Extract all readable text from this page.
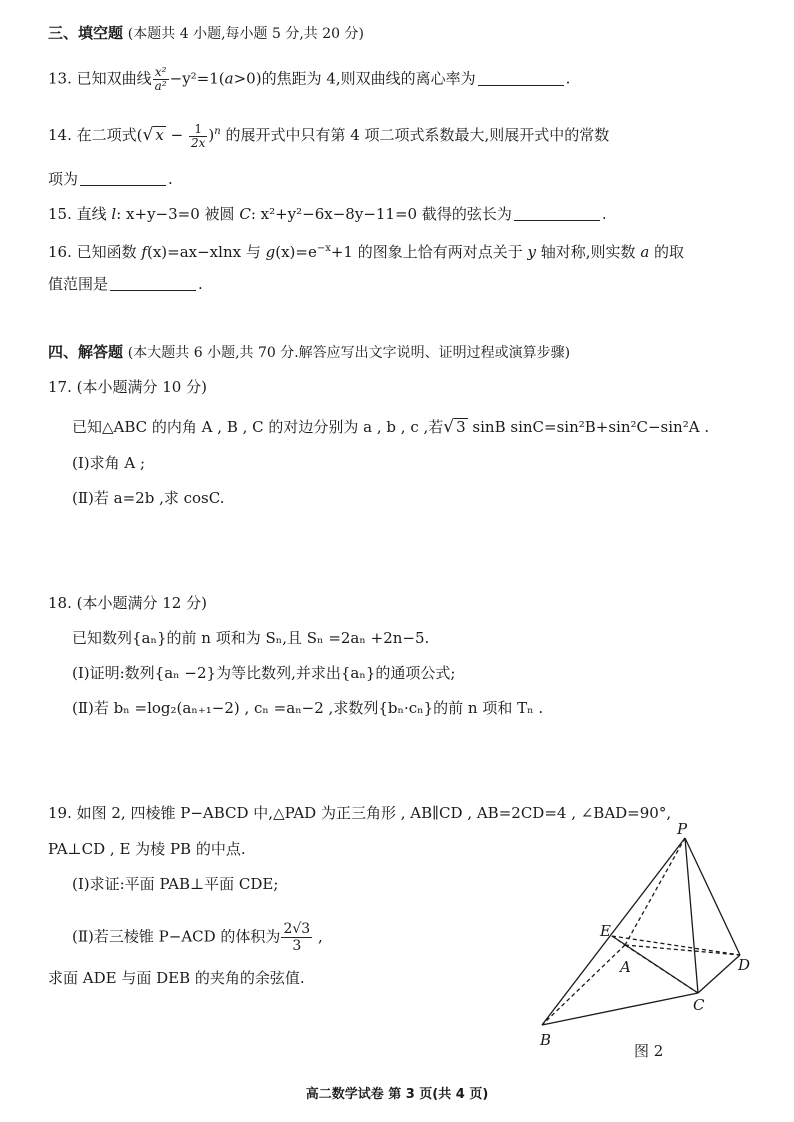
三、填空题 (本题共 4 小题,每小题 5 分,共 20 分)
13. 已知双曲线 $\frac{\text{x²}}{\text{a²}} -y^2=1(a>0)$的焦距为 4,则双曲线的离心率为	.
14. 在二项式(√ $x - \frac{1}{2x} )^n$ 的展开式中只有第 4 项二项式系数最大,则展开式中的常数
项为	.
15. 直线 l: x+y−3=0 被圆 C: x²+y²−6x−8y−11=0 截得的弦长为	.
16. 已知函数 f(x)=ax−xlnx 与 $g(x)=e^{-x}+1$ 的图象上恰有两对点关于 y 轴对称,则实数 a 的取
值范围是	.
四、解答题 (本大题共 6 小题,共 70 分.解答应写出文字说明、证明过程或演算步骤)
17. (本小题满分 10 分)
已知△ABC 的内角 A , B , C 的对边分别为 a , b , c ,若√ 3 sinB sinC=sin²B+sin²C−sin²A .
(Ⅰ)求角 A ;
(Ⅱ)若 a=2b ,求 cosC.
18. (本小题满分 12 分)
已知数列{aₙ}的前 n 项和为 Sₙ,且 Sₙ =2aₙ +2n−5.
(Ⅰ)证明:数列{aₙ −2}为等比数列,并求出{aₙ}的通项公式;
(Ⅱ)若 bₙ =log₂(aₙ₊₁−2) , cₙ =aₙ−2 ,求数列{bₙ·cₙ}的前 n 项和 Tₙ .
19. 如图 2, 四棱锥 P−ABCD 中,△PAD 为正三角形 , AB∥CD , AB=2CD=4 , ∠BAD=90°,
PA⊥CD , E 为棱 PB 的中点.
(Ⅰ)求证:平面 PAB⊥平面 CDE;
(Ⅱ)若三棱锥 P−ACD 的体积为 $\frac{2√3}{3}$ ,
求面 ADE 与面 DEB 的夹角的余弦值.
P
E
A	D
C
B
图 2
高二数学试卷 第 3 页(共 4 页)
